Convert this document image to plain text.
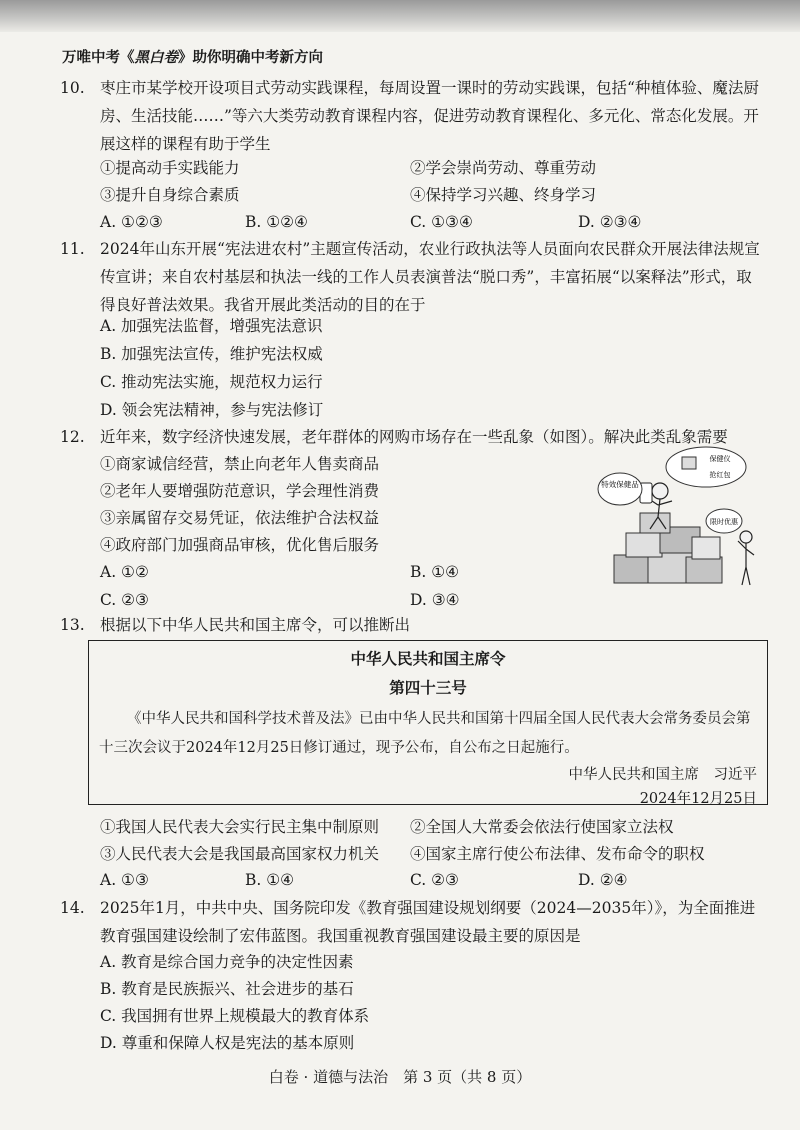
万唯中考《黑白卷》助你明确中考新方向
10. 枣庄市某学校开设项目式劳动实践课程，每周设置一课时的劳动实践课，包括“种植体验、魔法厨房、生活技能……”等六大类劳动教育课程内容，促进劳动教育课程化、多元化、常态化发展。开展这样的课程有助于学生
①提高动手实践能力	②学会崇尚劳动、尊重劳动
③提升自身综合素质	④保持学习兴趣、终身学习
A. ①②③	B. ①②④	C. ①③④	D. ②③④
11. 2024年山东开展“宪法进农村”主题宣传活动，农业行政执法等人员面向农民群众开展法律法规宣传宣讲；来自农村基层和执法一线的工作人员表演普法“脱口秀”，丰富拓展“以案释法”形式，取得良好普法效果。我省开展此类活动的目的在于
A. 加强宪法监督，增强宪法意识
B. 加强宪法宣传，维护宪法权威
C. 推动宪法实施，规范权力运行
D. 领会宪法精神，参与宪法修订
12. 近年来，数字经济快速发展，老年群体的网购市场存在一些乱象（如图）。解决此类乱象需要
①商家诚信经营，禁止向老年人售卖商品
②老年人要增强防范意识，学会理性消费
③亲属留存交易凭证，依法维护合法权益
④政府部门加强商品审核，优化售后服务
A. ①②	B. ①④
C. ②③	D. ③④
特效保健品
保健仪
抢红包
限时优惠
13. 根据以下中华人民共和国主席令，可以推断出
中华人民共和国主席令
第四十三号
《中华人民共和国科学技术普及法》已由中华人民共和国第十四届全国人民代表大会常务委员会第十三次会议于2024年12月25日修订通过，现予公布，自公布之日起施行。
中华人民共和国主席　习近平
2024年12月25日
①我国人民代表大会实行民主集中制原则 ②全国人大常委会依法行使国家立法权
③人民代表大会是我国最高国家权力机关 ④国家主席行使公布法律、发布命令的职权
A. ①③	B. ①④	C. ②③	D. ②④
14. 2025年1月，中共中央、国务院印发《教育强国建设规划纲要（2024—2035年）》，为全面推进教育强国建设绘制了宏伟蓝图。我国重视教育强国建设最主要的原因是
A. 教育是综合国力竞争的决定性因素
B. 教育是民族振兴、社会进步的基石
C. 我国拥有世界上规模最大的教育体系
D. 尊重和保障人权是宪法的基本原则
白卷 · 道德与法治　第 3 页（共 8 页）
